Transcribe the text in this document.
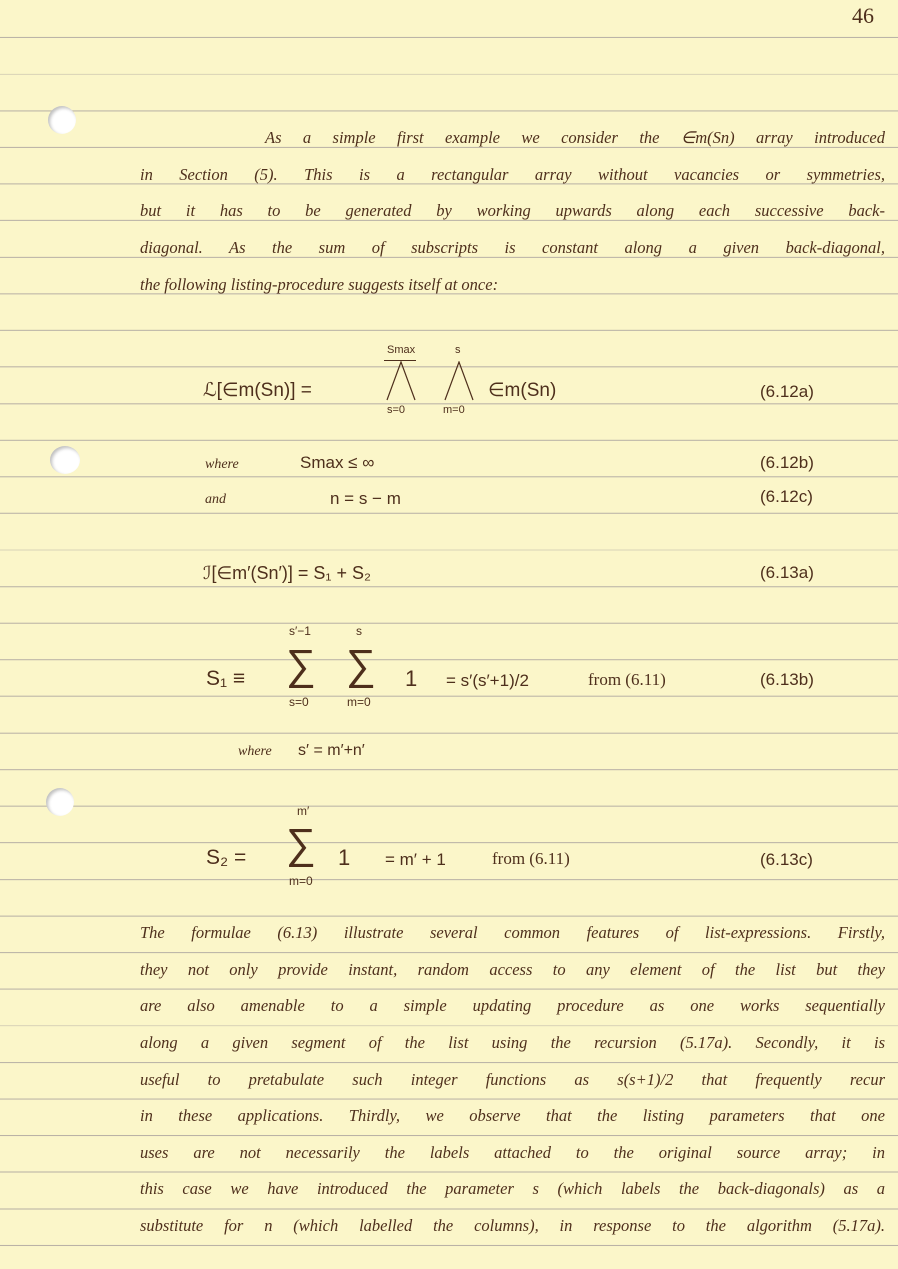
46
As a simple first example we consider the ∈m(Sn) array introduced
in Section (5). This is a rectangular array without vacancies or symmetries,
but it has to be generated by working upwards along each successive back-
diagonal. As the sum of subscripts is constant along a given back-diagonal,
the following listing-procedure suggests itself at once:
ℒ[∈m(Sn)] =
Smax
s=0
s
m=0
∈m(Sn)	(6.12a)
where	Smax ≤ ∞	(6.12b)
and	n = s − m	(6.12c)
ℐ[∈m′(Sn′)] = S₁ + S₂	(6.13a)
S₁ ≡
s′−1
∑
s=0
s
∑
m=0
1 = s′(s′+1)/2	from (6.11)	(6.13b)
where s′ = m′+n′
S₂ =
m′
∑
m=0
1 = m′ + 1	from (6.11)	(6.13c)
The formulae (6.13) illustrate several common features of list-expressions. Firstly,
they not only provide instant, random access to any element of the list but they
are also amenable to a simple updating procedure as one works sequentially
along a given segment of the list using the recursion (5.17a). Secondly, it is
useful to pretabulate such integer functions as s(s+1)/2 that frequently recur
in these applications. Thirdly, we observe that the listing parameters that one
uses are not necessarily the labels attached to the original source array; in
this case we have introduced the parameter s (which labels the back-diagonals) as a
substitute for n (which labelled the columns), in response to the algorithm (5.17a).
